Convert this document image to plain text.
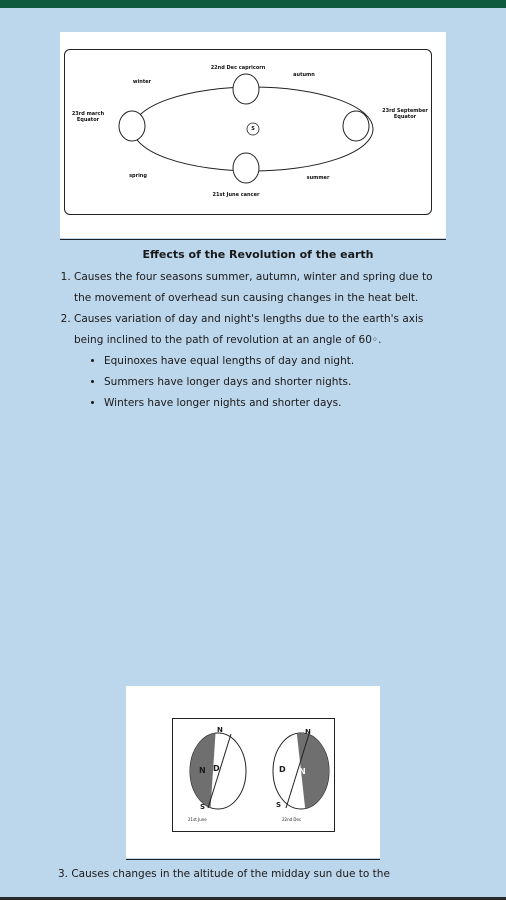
22nd Dec capricorn
winter
autumn
23rd march Equator
23rd September Equator
S
spring	summer
21st June cancer
Effects of the Revolution of the earth
1. Causes the four seasons summer, autumn, winter and spring due to the movement of overhead sun causing changes in the heat belt.
2. Causes variation of day and night's lengths due to the earth's axis being inclined to the path of revolution at an angle of 60◦.
• Equinoxes have equal lengths of day and night.
• Summers have longer days and shorter nights.
• Winters have longer nights and shorter days.
N
N D
S
21st June
N
D N
S
22nd Dec
3. Causes changes in the altitude of the midday sun due to the
